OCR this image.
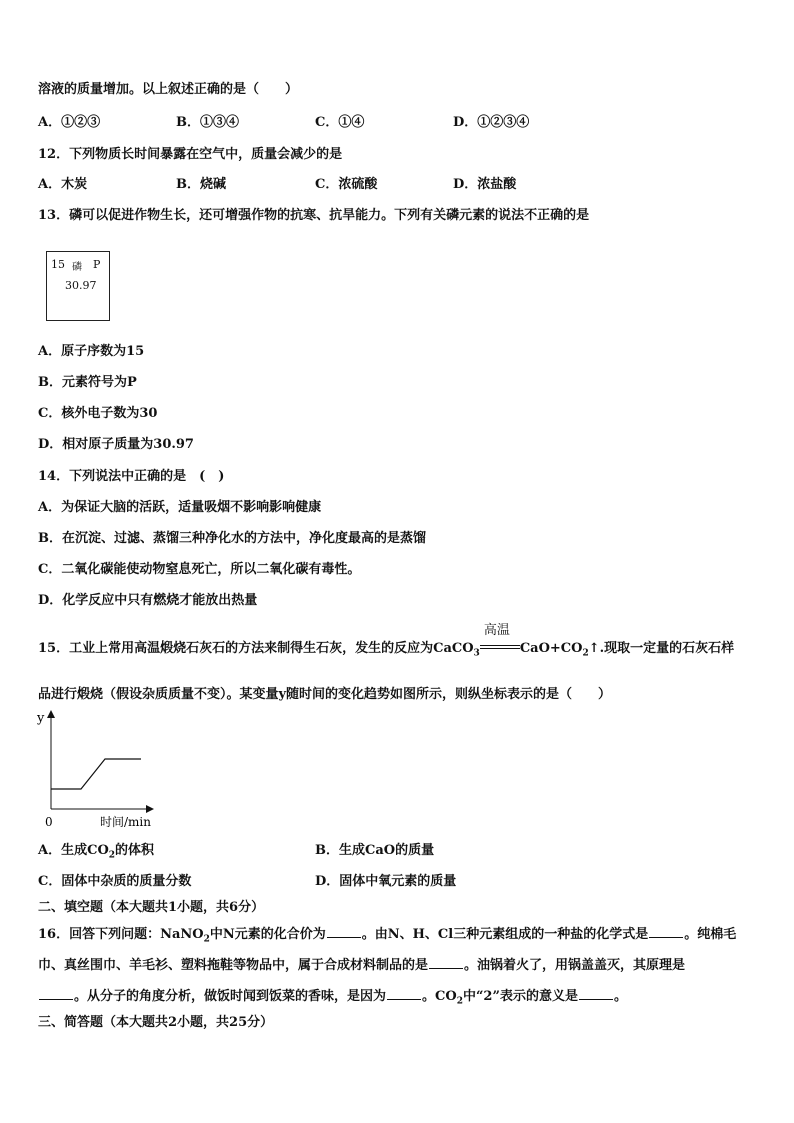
溶液的质量增加。以上叙述正确的是（　　）
A．①②③	B．①③④	C．①④	D．①②③④
12．下列物质长时间暴露在空气中，质量会减少的是
A．木炭	B．烧碱	C．浓硫酸	D．浓盐酸
13．磷可以促进作物生长，还可增强作物的抗寒、抗旱能力。下列有关磷元素的说法不正确的是
15 磷 P
30.97
A．原子序数为15
B．元素符号为P
C．核外电子数为30
D．相对原子质量为30.97
14．下列说法中正确的是　(　)
A．为保证大脑的活跃，适量吸烟不影响影响健康
B．在沉淀、过滤、蒸馏三种净化水的方法中，净化度最高的是蒸馏
C．二氧化碳能使动物窒息死亡，所以二氧化碳有毒性。
D．化学反应中只有燃烧才能放出热量
15．工业上常用高温煅烧石灰石的方法来制得生石灰，发生的反应为CaCO$_3$
高温
$CaO+CO_2↑$.现取一定量的石灰石样
品进行煅烧（假设杂质质量不变）。某变量y随时间的变化趋势如图所示，则纵坐标表示的是（　　）
y
0	时间/min
A．生成$CO_2$的体积	B．生成CaO的质量
C．固体中杂质的质量分数	D．固体中氧元素的质量
二、填空题（本大题共1小题，共6分）
16．回答下列问题：NaNO$_2$中N元素的化合价为	。由N、H、Cl三种元素组成的一种盐的化学式是	。纯棉毛
巾、真丝围巾、羊毛衫、塑料拖鞋等物品中，属于合成材料制品的是	。油锅着火了，用锅盖盖灭，其原理是
。从分子的角度分析，做饭时闻到饭菜的香味，是因为	。$CO_2$中“2”表示的意义是	。
三、简答题（本大题共2小题，共25分）
